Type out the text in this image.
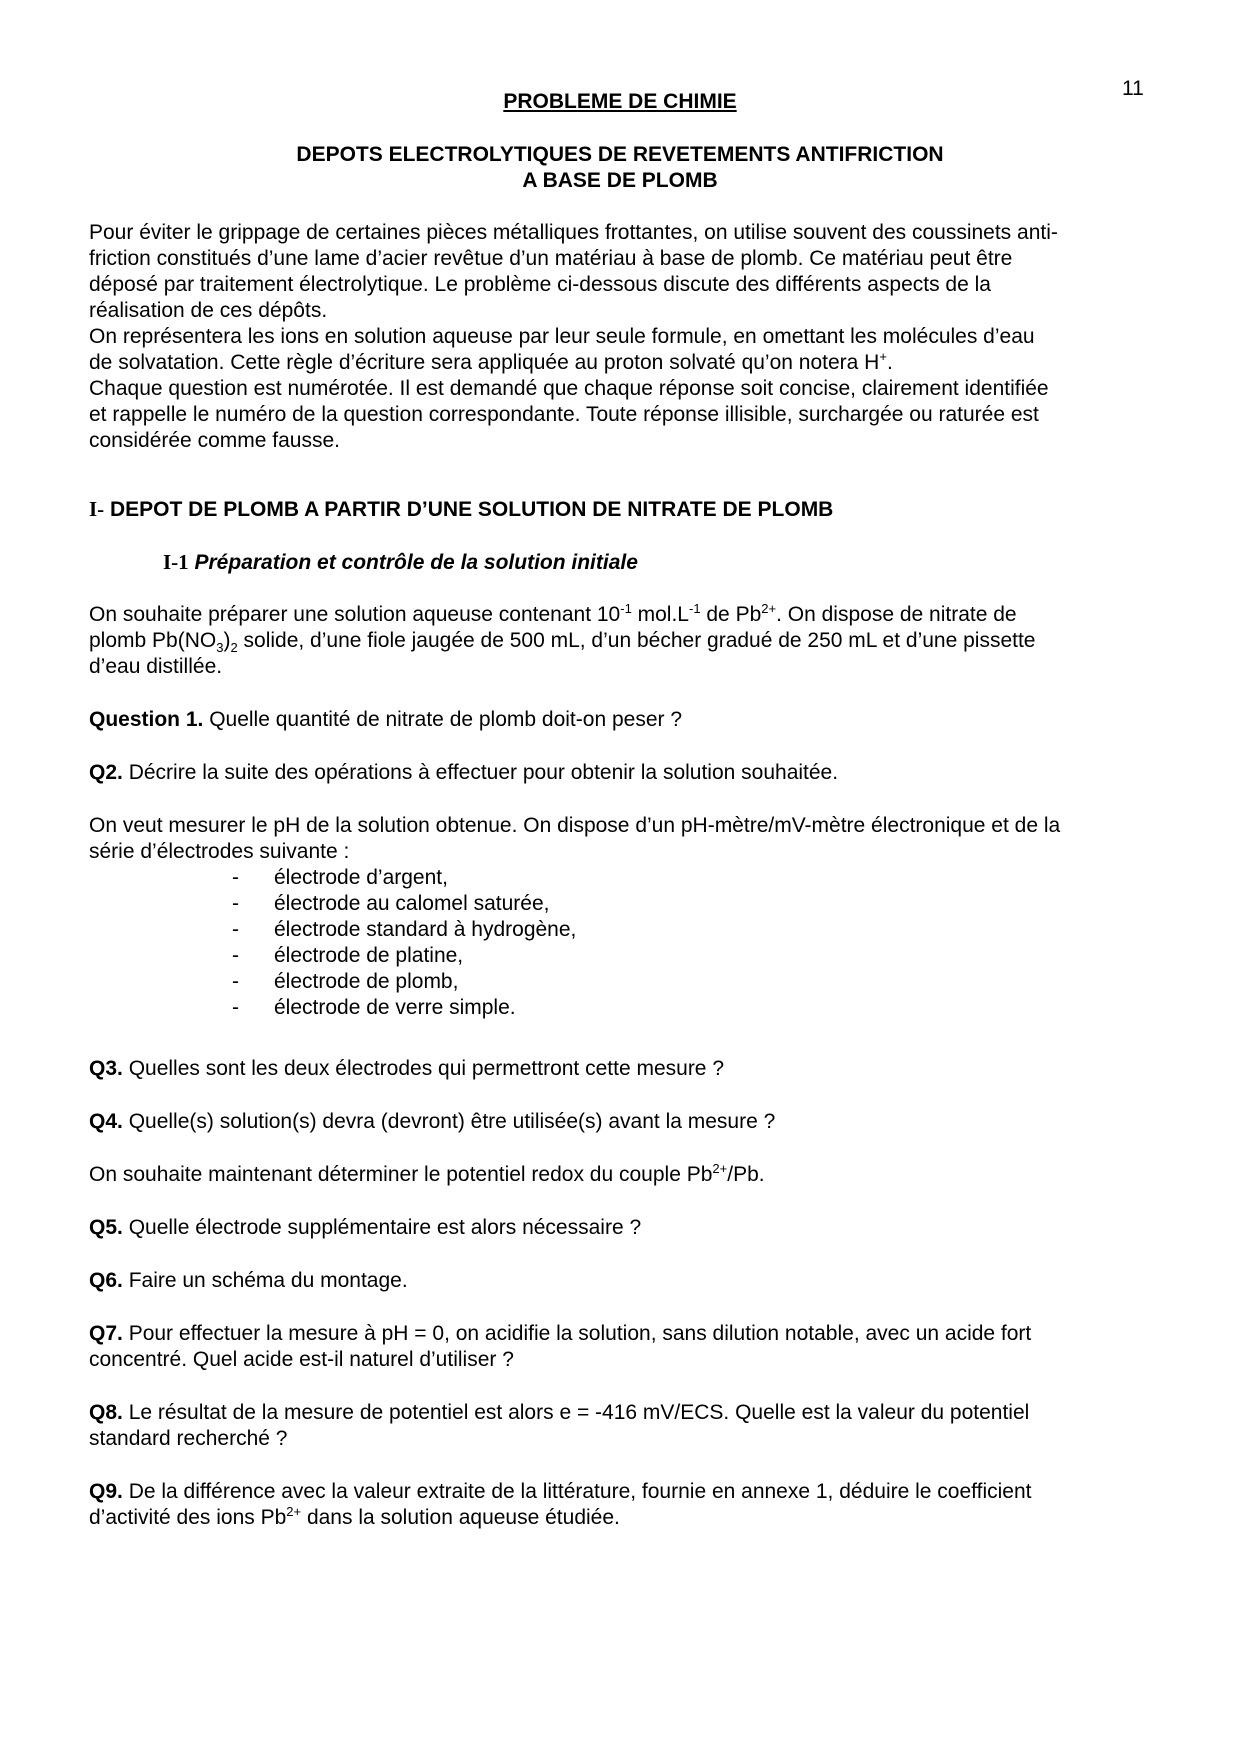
11
PROBLEME DE CHIMIE
DEPOTS ELECTROLYTIQUES DE REVETEMENTS ANTIFRICTION
A BASE DE PLOMB
Pour éviter le grippage de certaines pièces métalliques frottantes, on utilise souvent des coussinets anti-
friction constitués d’une lame d’acier revêtue d’un matériau à base de plomb. Ce matériau peut être
déposé par traitement électrolytique. Le problème ci-dessous discute des différents aspects de la
réalisation de ces dépôts.
On représentera les ions en solution aqueuse par leur seule formule, en omettant les molécules d’eau
de solvatation. Cette règle d’écriture sera appliquée au proton solvaté qu’on notera H+.
Chaque question est numérotée. Il est demandé que chaque réponse soit concise, clairement identifiée
et rappelle le numéro de la question correspondante. Toute réponse illisible, surchargée ou raturée est
considérée comme fausse.
I- DEPOT DE PLOMB A PARTIR D’UNE SOLUTION DE NITRATE DE PLOMB
I-1 Préparation et contrôle de la solution initiale
On souhaite préparer une solution aqueuse contenant $10^{-1}$ $mol.L^{-1}$ de $Pb^{2+}$. On dispose de nitrate de
plomb $Pb(NO_3)_2$ solide, d’une fiole jaugée de 500 mL, d’un bécher gradué de 250 mL et d’une pissette
d’eau distillée.
Question 1. Quelle quantité de nitrate de plomb doit-on peser ?
Q2. Décrire la suite des opérations à effectuer pour obtenir la solution souhaitée.
On veut mesurer le pH de la solution obtenue. On dispose d’un pH-mètre/mV-mètre électronique et de la
série d’électrodes suivante :
-	électrode d’argent,
-	électrode au calomel saturée,
-	électrode standard à hydrogène,
-	électrode de platine,
-	électrode de plomb,
-	électrode de verre simple.
Q3. Quelles sont les deux électrodes qui permettront cette mesure ?
Q4. Quelle(s) solution(s) devra (devront) être utilisée(s) avant la mesure ?
On souhaite maintenant déterminer le potentiel redox du couple $Pb^{2+}/Pb$.
Q5. Quelle électrode supplémentaire est alors nécessaire ?
Q6. Faire un schéma du montage.
Q7. Pour effectuer la mesure à pH = 0, on acidifie la solution, sans dilution notable, avec un acide fort
concentré. Quel acide est-il naturel d’utiliser ?
Q8. Le résultat de la mesure de potentiel est alors e = -416 mV/ECS. Quelle est la valeur du potentiel
standard recherché ?
Q9. De la différence avec la valeur extraite de la littérature, fournie en annexe 1, déduire le coefficient
d’activité des ions $Pb^{2+}$ dans la solution aqueuse étudiée.
